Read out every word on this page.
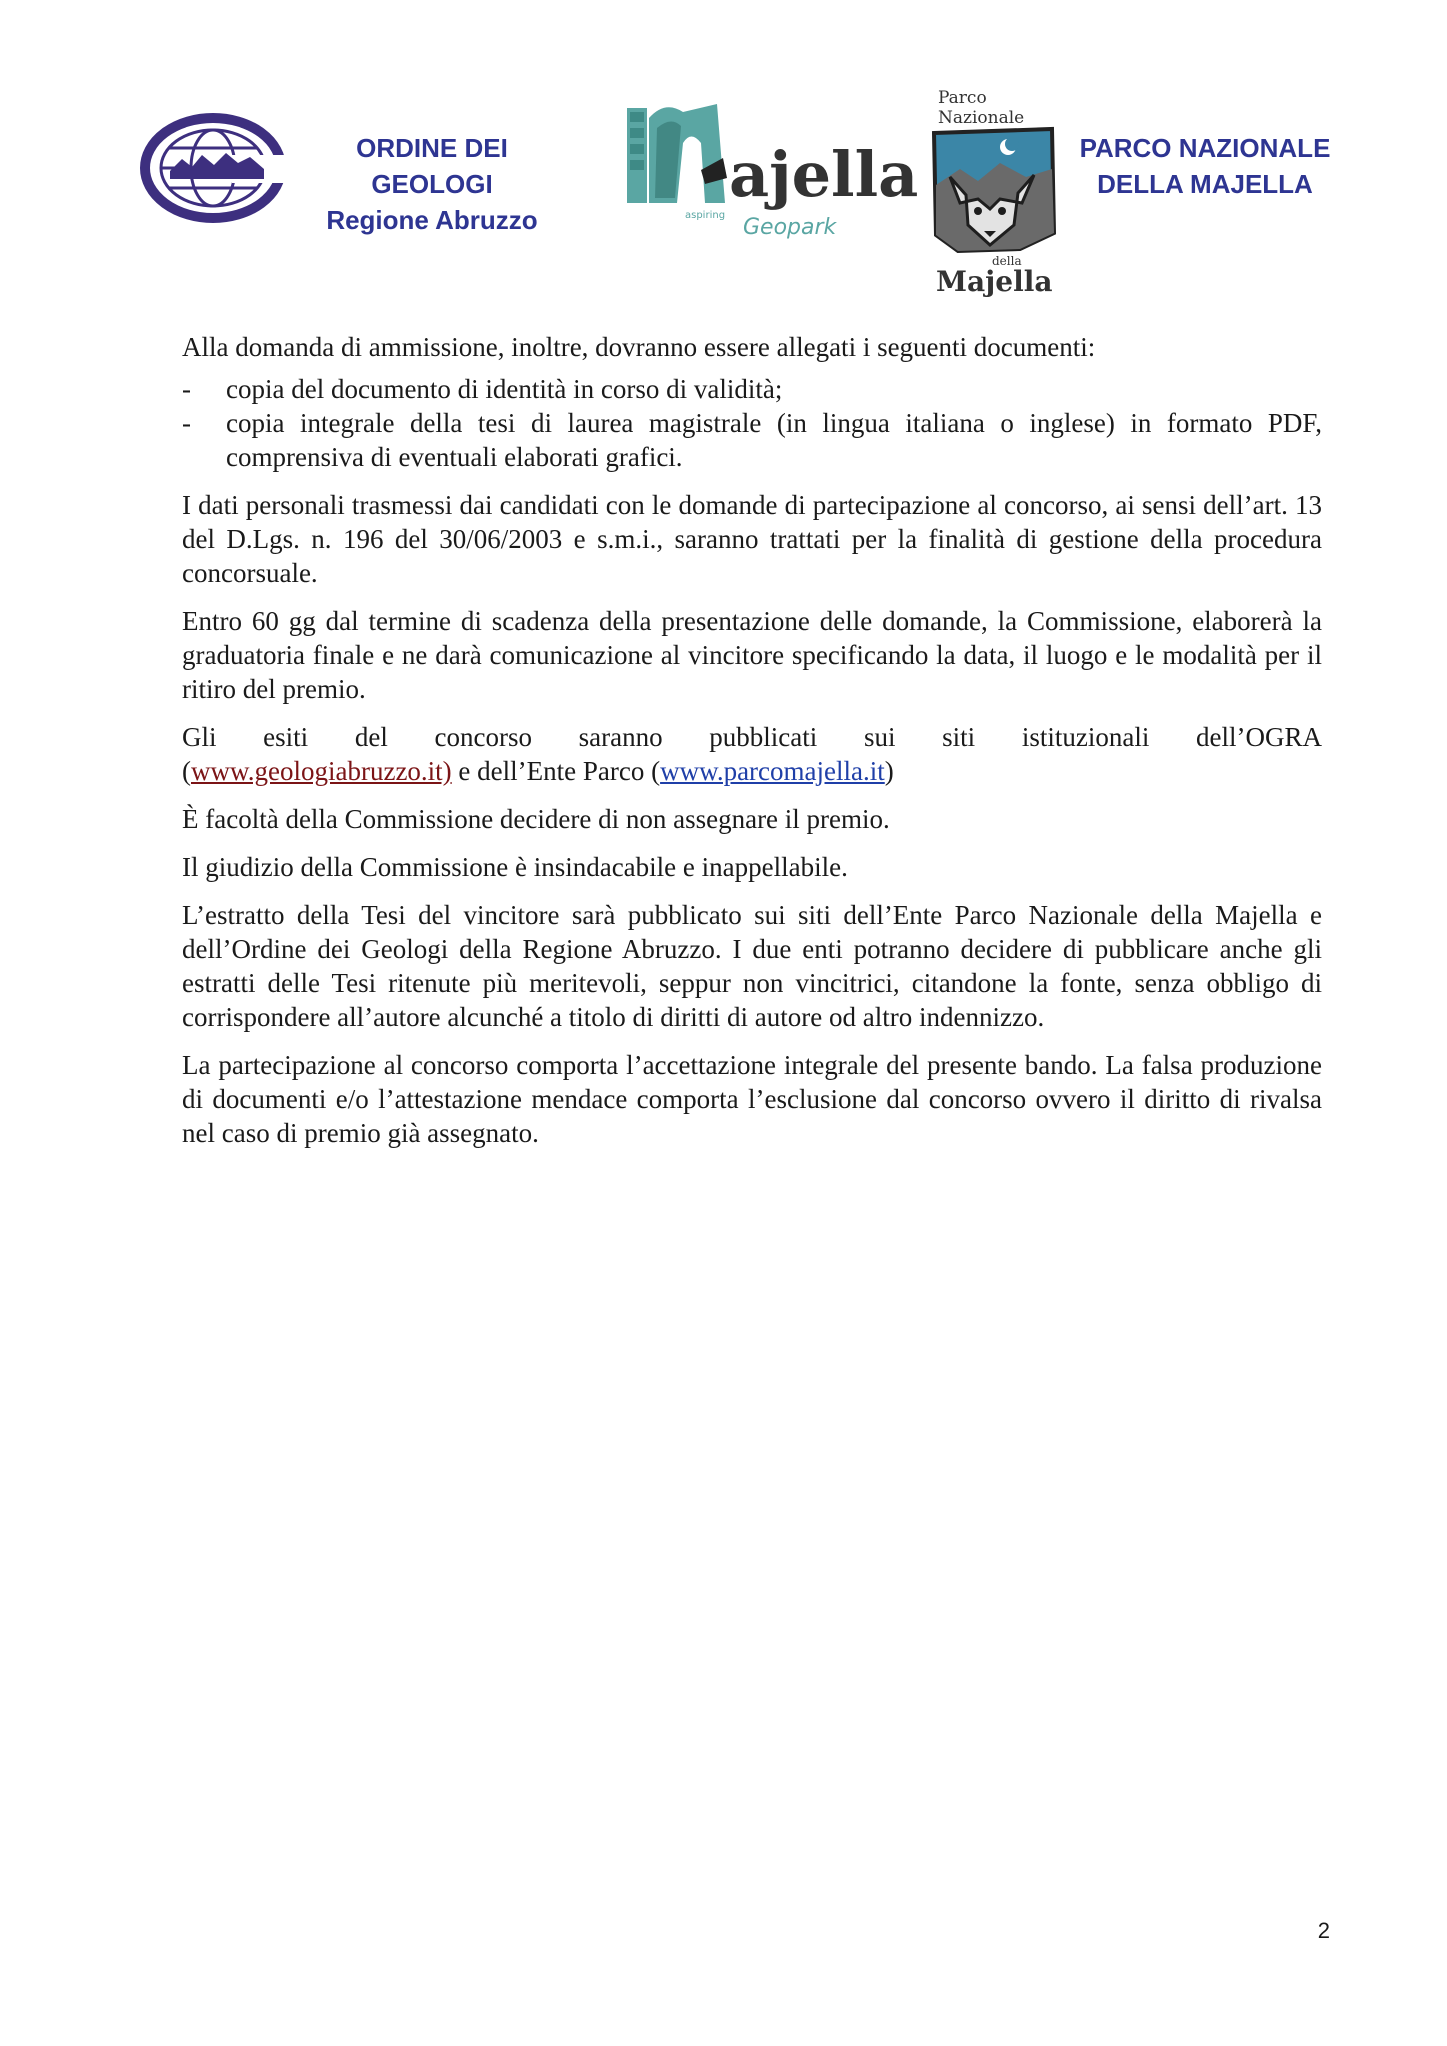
ORDINE DEI GEOLOGI
Regione Abruzzo
ajella
aspiring Geopark
Parco
Nazionale
della
Majella
PARCO NAZIONALE
DELLA MAJELLA

Alla domanda di ammissione, inoltre, dovranno essere allegati i seguenti documenti:

- copia del documento di identità in corso di validità;
- copia integrale della tesi di laurea magistrale (in lingua italiana o inglese) in formato PDF, comprensiva di eventuali elaborati grafici.

I dati personali trasmessi dai candidati con le domande di partecipazione al concorso, ai sensi dell’art. 13 del D.Lgs. n. 196 del 30/06/2003 e s.m.i., saranno trattati per la finalità di gestione della procedura concorsuale.

Entro 60 gg dal termine di scadenza della presentazione delle domande, la Commissione, elaborerà la graduatoria finale e ne darà comunicazione al vincitore specificando la data, il luogo e le modalità per il ritiro del premio.

Gli esiti del concorso saranno pubblicati sui siti istituzionali dell’OGRA
(www.geologiabruzzo.it) e dell’Ente Parco (www.parcomajella.it)

È facoltà della Commissione decidere di non assegnare il premio.

Il giudizio della Commissione è insindacabile e inappellabile.

L’estratto della Tesi del vincitore sarà pubblicato sui siti dell’Ente Parco Nazionale della Majella e dell’Ordine dei Geologi della Regione Abruzzo. I due enti potranno decidere di pubblicare anche gli estratti delle Tesi ritenute più meritevoli, seppur non vincitrici, citandone la fonte, senza obbligo di corrispondere all’autore alcunché a titolo di diritti di autore od altro indennizzo.

La partecipazione al concorso comporta l’accettazione integrale del presente bando. La falsa produzione di documenti e/o l’attestazione mendace comporta l’esclusione dal concorso ovvero il diritto di rivalsa nel caso di premio già assegnato.

2
